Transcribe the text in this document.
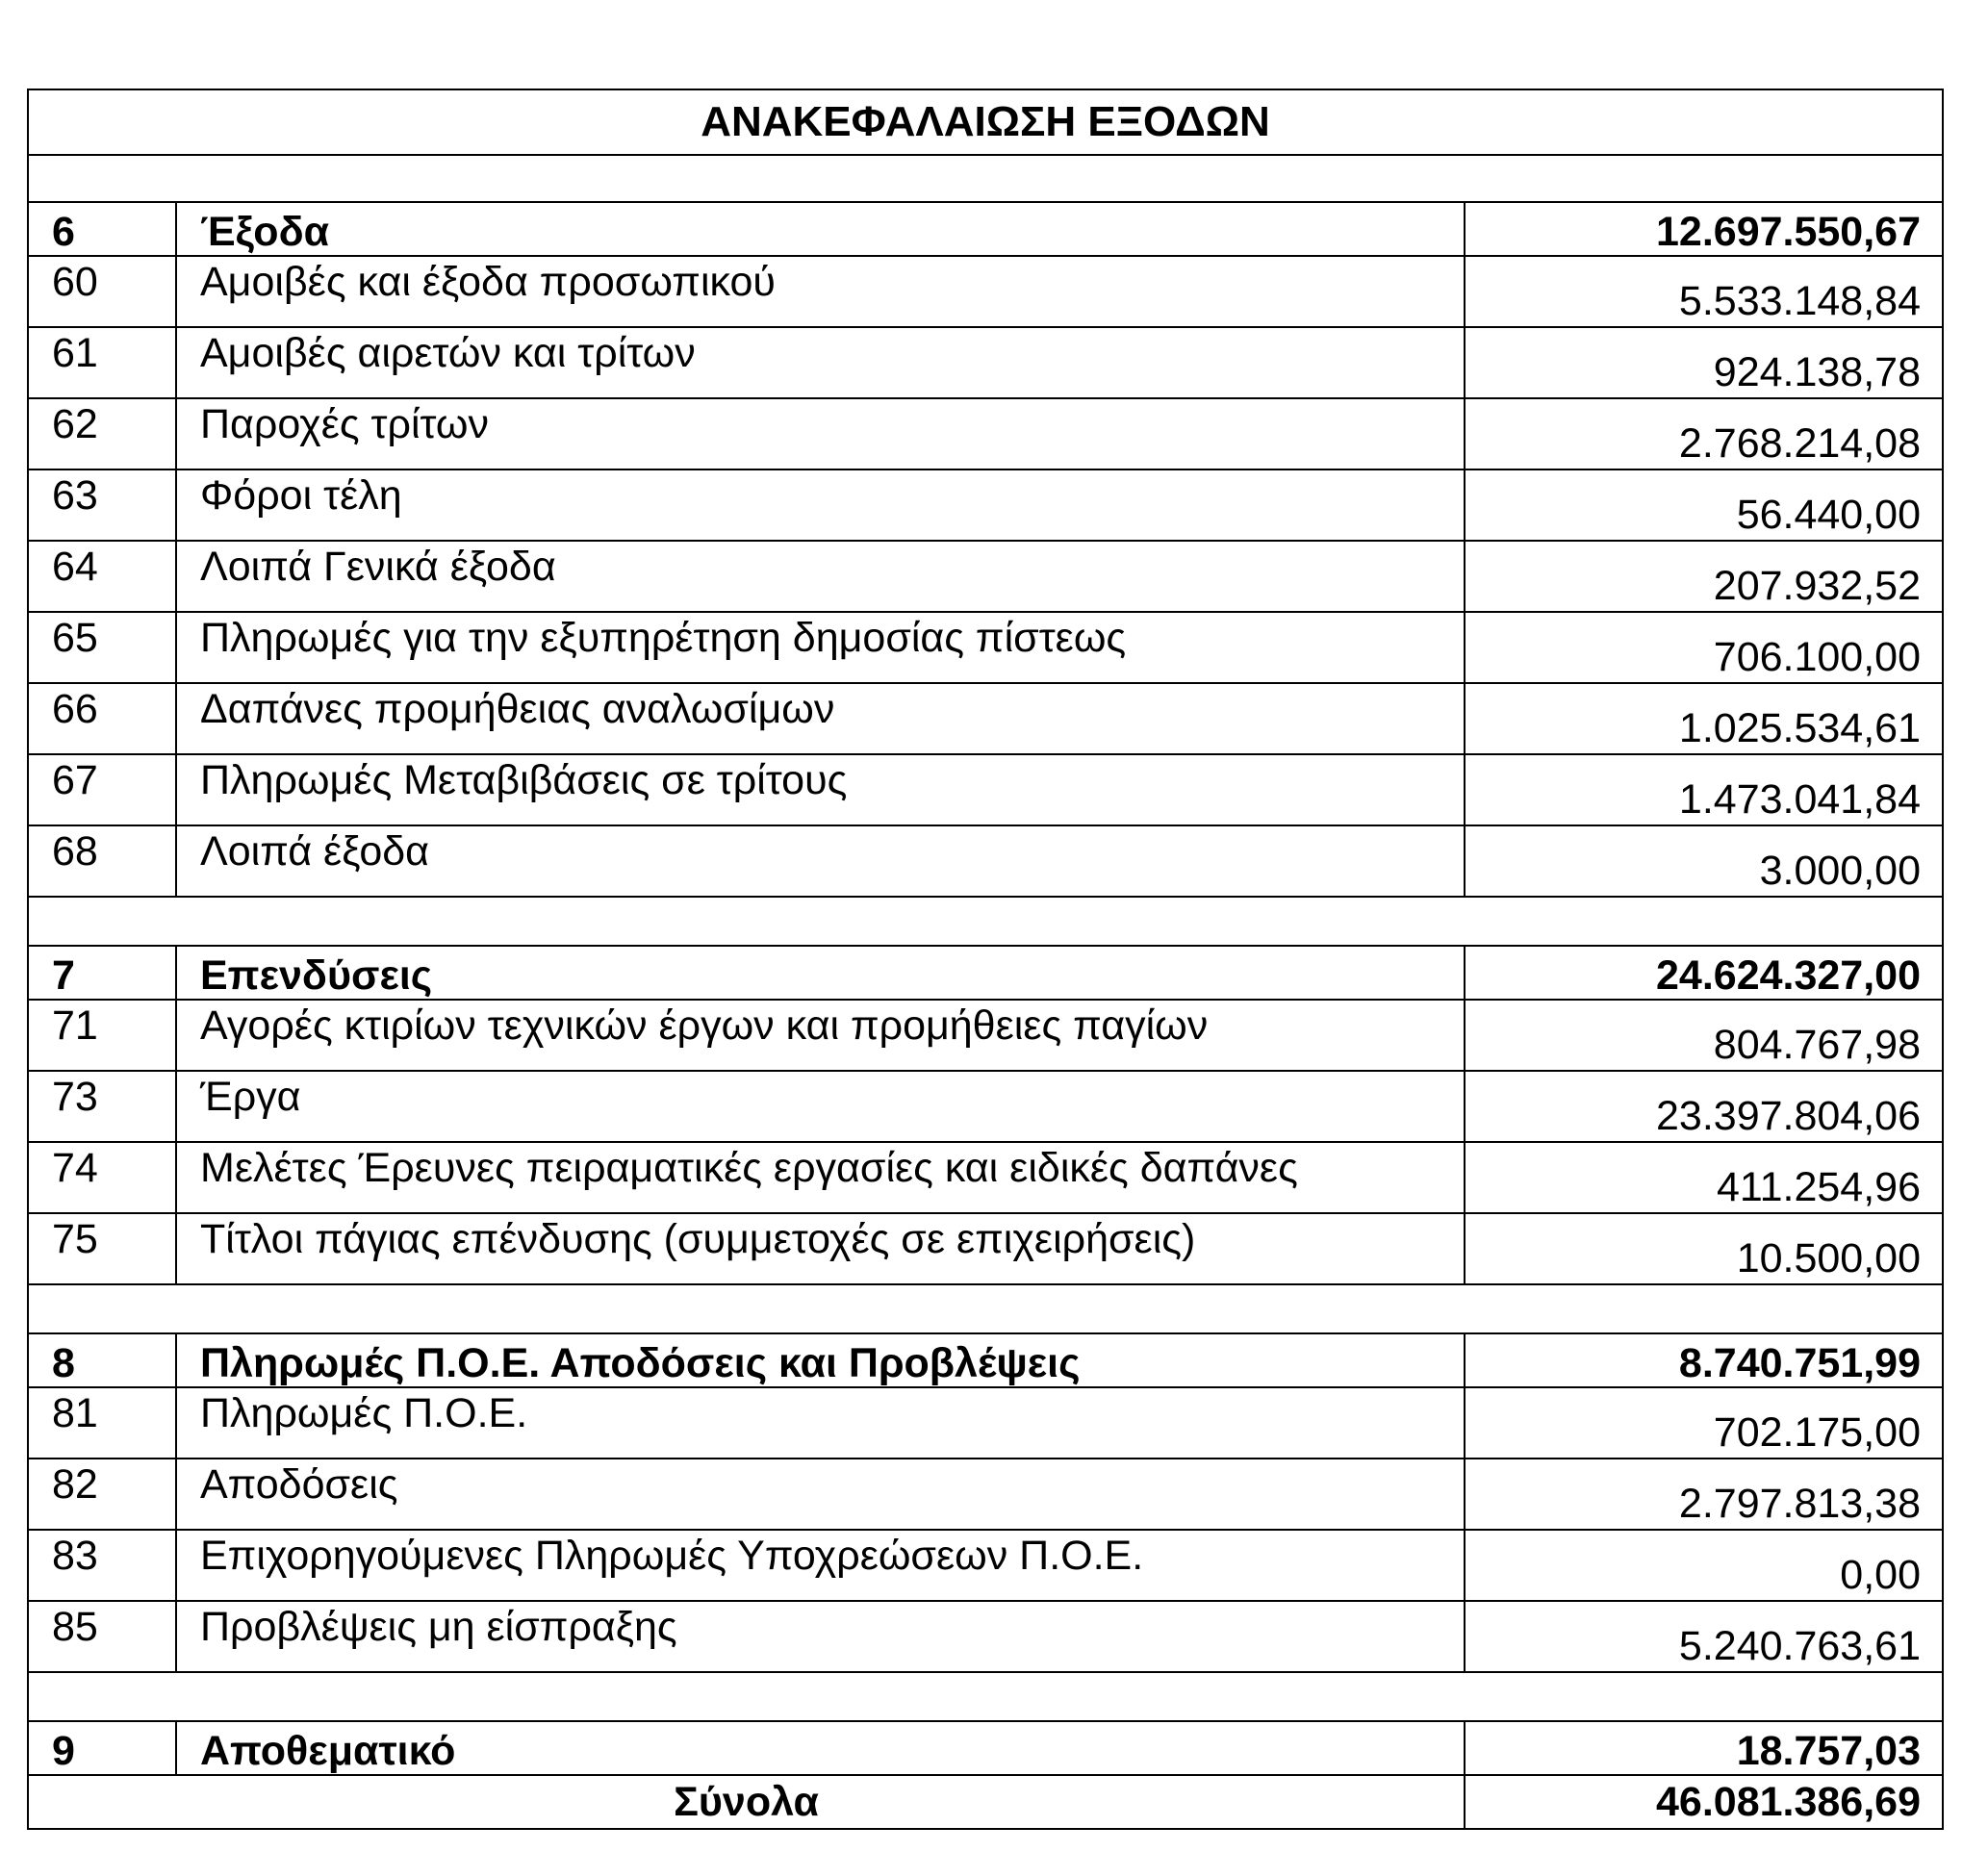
ΑΝΑΚΕΦΑΛΑΙΩΣΗ ΕΞΟΔΩΝ		

6	Έξοδα	12.697.550,67
60	Αμοιβές και έξοδα προσωπικού	5.533.148,84
61	Αμοιβές αιρετών και τρίτων	924.138,78
62	Παροχές τρίτων	2.768.214,08
63	Φόροι τέλη	56.440,00
64	Λοιπά Γενικά έξοδα	207.932,52
65	Πληρωμές για την εξυπηρέτηση δημοσίας πίστεως	706.100,00
66	Δαπάνες προμήθειας αναλωσίμων	1.025.534,61
67	Πληρωμές Μεταβιβάσεις σε τρίτους	1.473.041,84
68	Λοιπά έξοδα	3.000,00

7	Επενδύσεις	24.624.327,00
71	Αγορές κτιρίων τεχνικών έργων και προμήθειες παγίων	804.767,98
73	Έργα	23.397.804,06
74	Μελέτες Έρευνες πειραματικές εργασίες και ειδικές δαπάνες	411.254,96
75	Τίτλοι πάγιας επένδυσης (συμμετοχές σε επιχειρήσεις)	10.500,00

8	Πληρωμές Π.Ο.Ε. Αποδόσεις και Προβλέψεις	8.740.751,99
81	Πληρωμές Π.Ο.Ε.	702.175,00
82	Αποδόσεις	2.797.813,38
83	Επιχορηγούμενες Πληρωμές Υποχρεώσεων Π.Ο.Ε.	0,00
85	Προβλέψεις μη είσπραξης	5.240.763,61

9	Αποθεματικό	18.757,03
Σύνολα		46.081.386,69
